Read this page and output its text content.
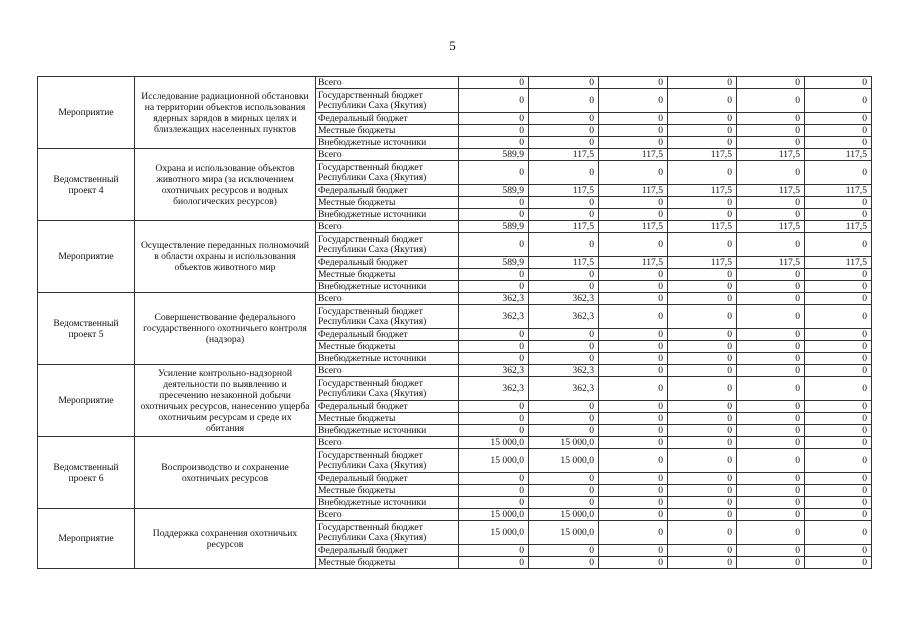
5
Мероприятие	Исследование радиационной обстановки на территории объектов использования ядерных зарядов в мирных целях и близлежащих населенных пунктов	Всего	0	0	0	0	0	0
		Государственный бюджет Республики Саха (Якутия)	0	0	0	0	0	0
		Федеральный бюджет	0	0	0	0	0	0
		Местные бюджеты	0	0	0	0	0	0
		Внебюджетные источники	0	0	0	0	0	0
Ведомственный проект 4	Охрана и использование объектов животного мира (за исключением охотничьих ресурсов и водных биологических ресурсов)	Всего	589,9	117,5	117,5	117,5	117,5	117,5
		Государственный бюджет Республики Саха (Якутия)	0	0	0	0	0	0
		Федеральный бюджет	589,9	117,5	117,5	117,5	117,5	117,5
		Местные бюджеты	0	0	0	0	0	0
		Внебюджетные источники	0	0	0	0	0	0
Мероприятие	Осуществление переданных полномочий в области охраны и использования объектов животного мир	Всего	589,9	117,5	117,5	117,5	117,5	117,5
		Государственный бюджет Республики Саха (Якутия)	0	0	0	0	0	0
		Федеральный бюджет	589,9	117,5	117,5	117,5	117,5	117,5
		Местные бюджеты	0	0	0	0	0	0
		Внебюджетные источники	0	0	0	0	0	0
Ведомственный проект 5	Совершенствование федерального государственного охотничьего контроля (надзора)	Всего	362,3	362,3	0	0	0	0
		Государственный бюджет Республики Саха (Якутия)	362,3	362,3	0	0	0	0
		Федеральный бюджет	0	0	0	0	0	0
		Местные бюджеты	0	0	0	0	0	0
		Внебюджетные источники	0	0	0	0	0	0
Мероприятие	Усиление контрольно-надзорной деятельности по выявлению и пресечению незаконной добычи охотничьих ресурсов, нанесению ущерба охотничьим ресурсам и среде их обитания	Всего	362,3	362,3	0	0	0	0
		Государственный бюджет Республики Саха (Якутия)	362,3	362,3	0	0	0	0
		Федеральный бюджет	0	0	0	0	0	0
		Местные бюджеты	0	0	0	0	0	0
		Внебюджетные источники	0	0	0	0	0	0
Ведомственный проект 6	Воспроизводство и сохранение охотничьих ресурсов	Всего	15 000,0	15 000,0	0	0	0	0
		Государственный бюджет Республики Саха (Якутия)	15 000,0	15 000,0	0	0	0	0
		Федеральный бюджет	0	0	0	0	0	0
		Местные бюджеты	0	0	0	0	0	0
		Внебюджетные источники	0	0	0	0	0	0
Мероприятие	Поддержка сохранения охотничьих ресурсов	Всего	15 000,0	15 000,0	0	0	0	0
		Государственный бюджет Республики Саха (Якутия)	15 000,0	15 000,0	0	0	0	0
		Федеральный бюджет	0	0	0	0	0	0
		Местные бюджеты	0	0	0	0	0	0
